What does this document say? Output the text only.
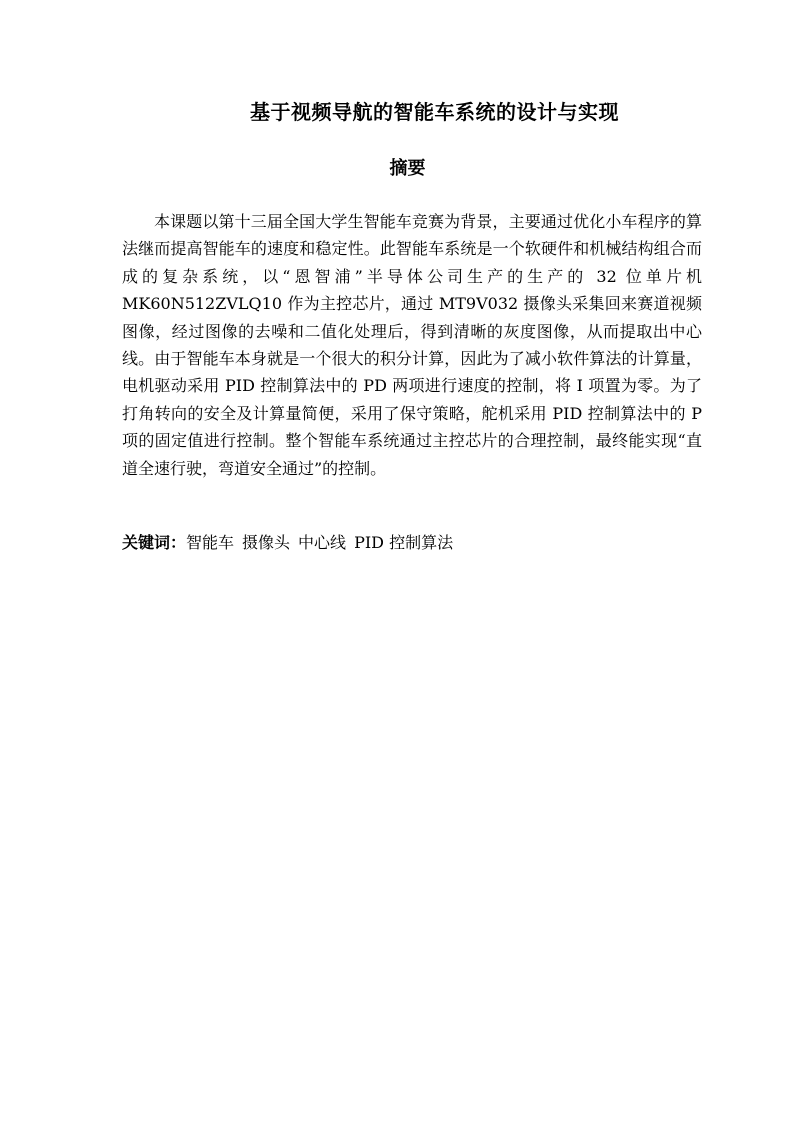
基于视频导航的智能车系统的设计与实现
摘要

本课题以第十三届全国大学生智能车竞赛为背景，主要通过优化小车程序的算法继而提高智能车的速度和稳定性。此智能车系统是一个软硬件和机械结构组合而成的复杂系统，以“恩智浦”半导体公司生产的生产的 32 位单片机 MK60N512ZVLQ10 作为主控芯片，通过 MT9V032 摄像头采集回来赛道视频图像，经过图像的去噪和二值化处理后，得到清晰的灰度图像，从而提取出中心线。由于智能车本身就是一个很大的积分计算，因此为了减小软件算法的计算量，电机驱动采用 PID 控制算法中的 PD 两项进行速度的控制，将 I 项置为零。为了打角转向的安全及计算量简便，采用了保守策略，舵机采用 PID 控制算法中的 P 项的固定值进行控制。整个智能车系统通过主控芯片的合理控制，最终能实现“直道全速行驶，弯道安全通过”的控制。

关键词：智能车 摄像头 中心线 PID 控制算法
